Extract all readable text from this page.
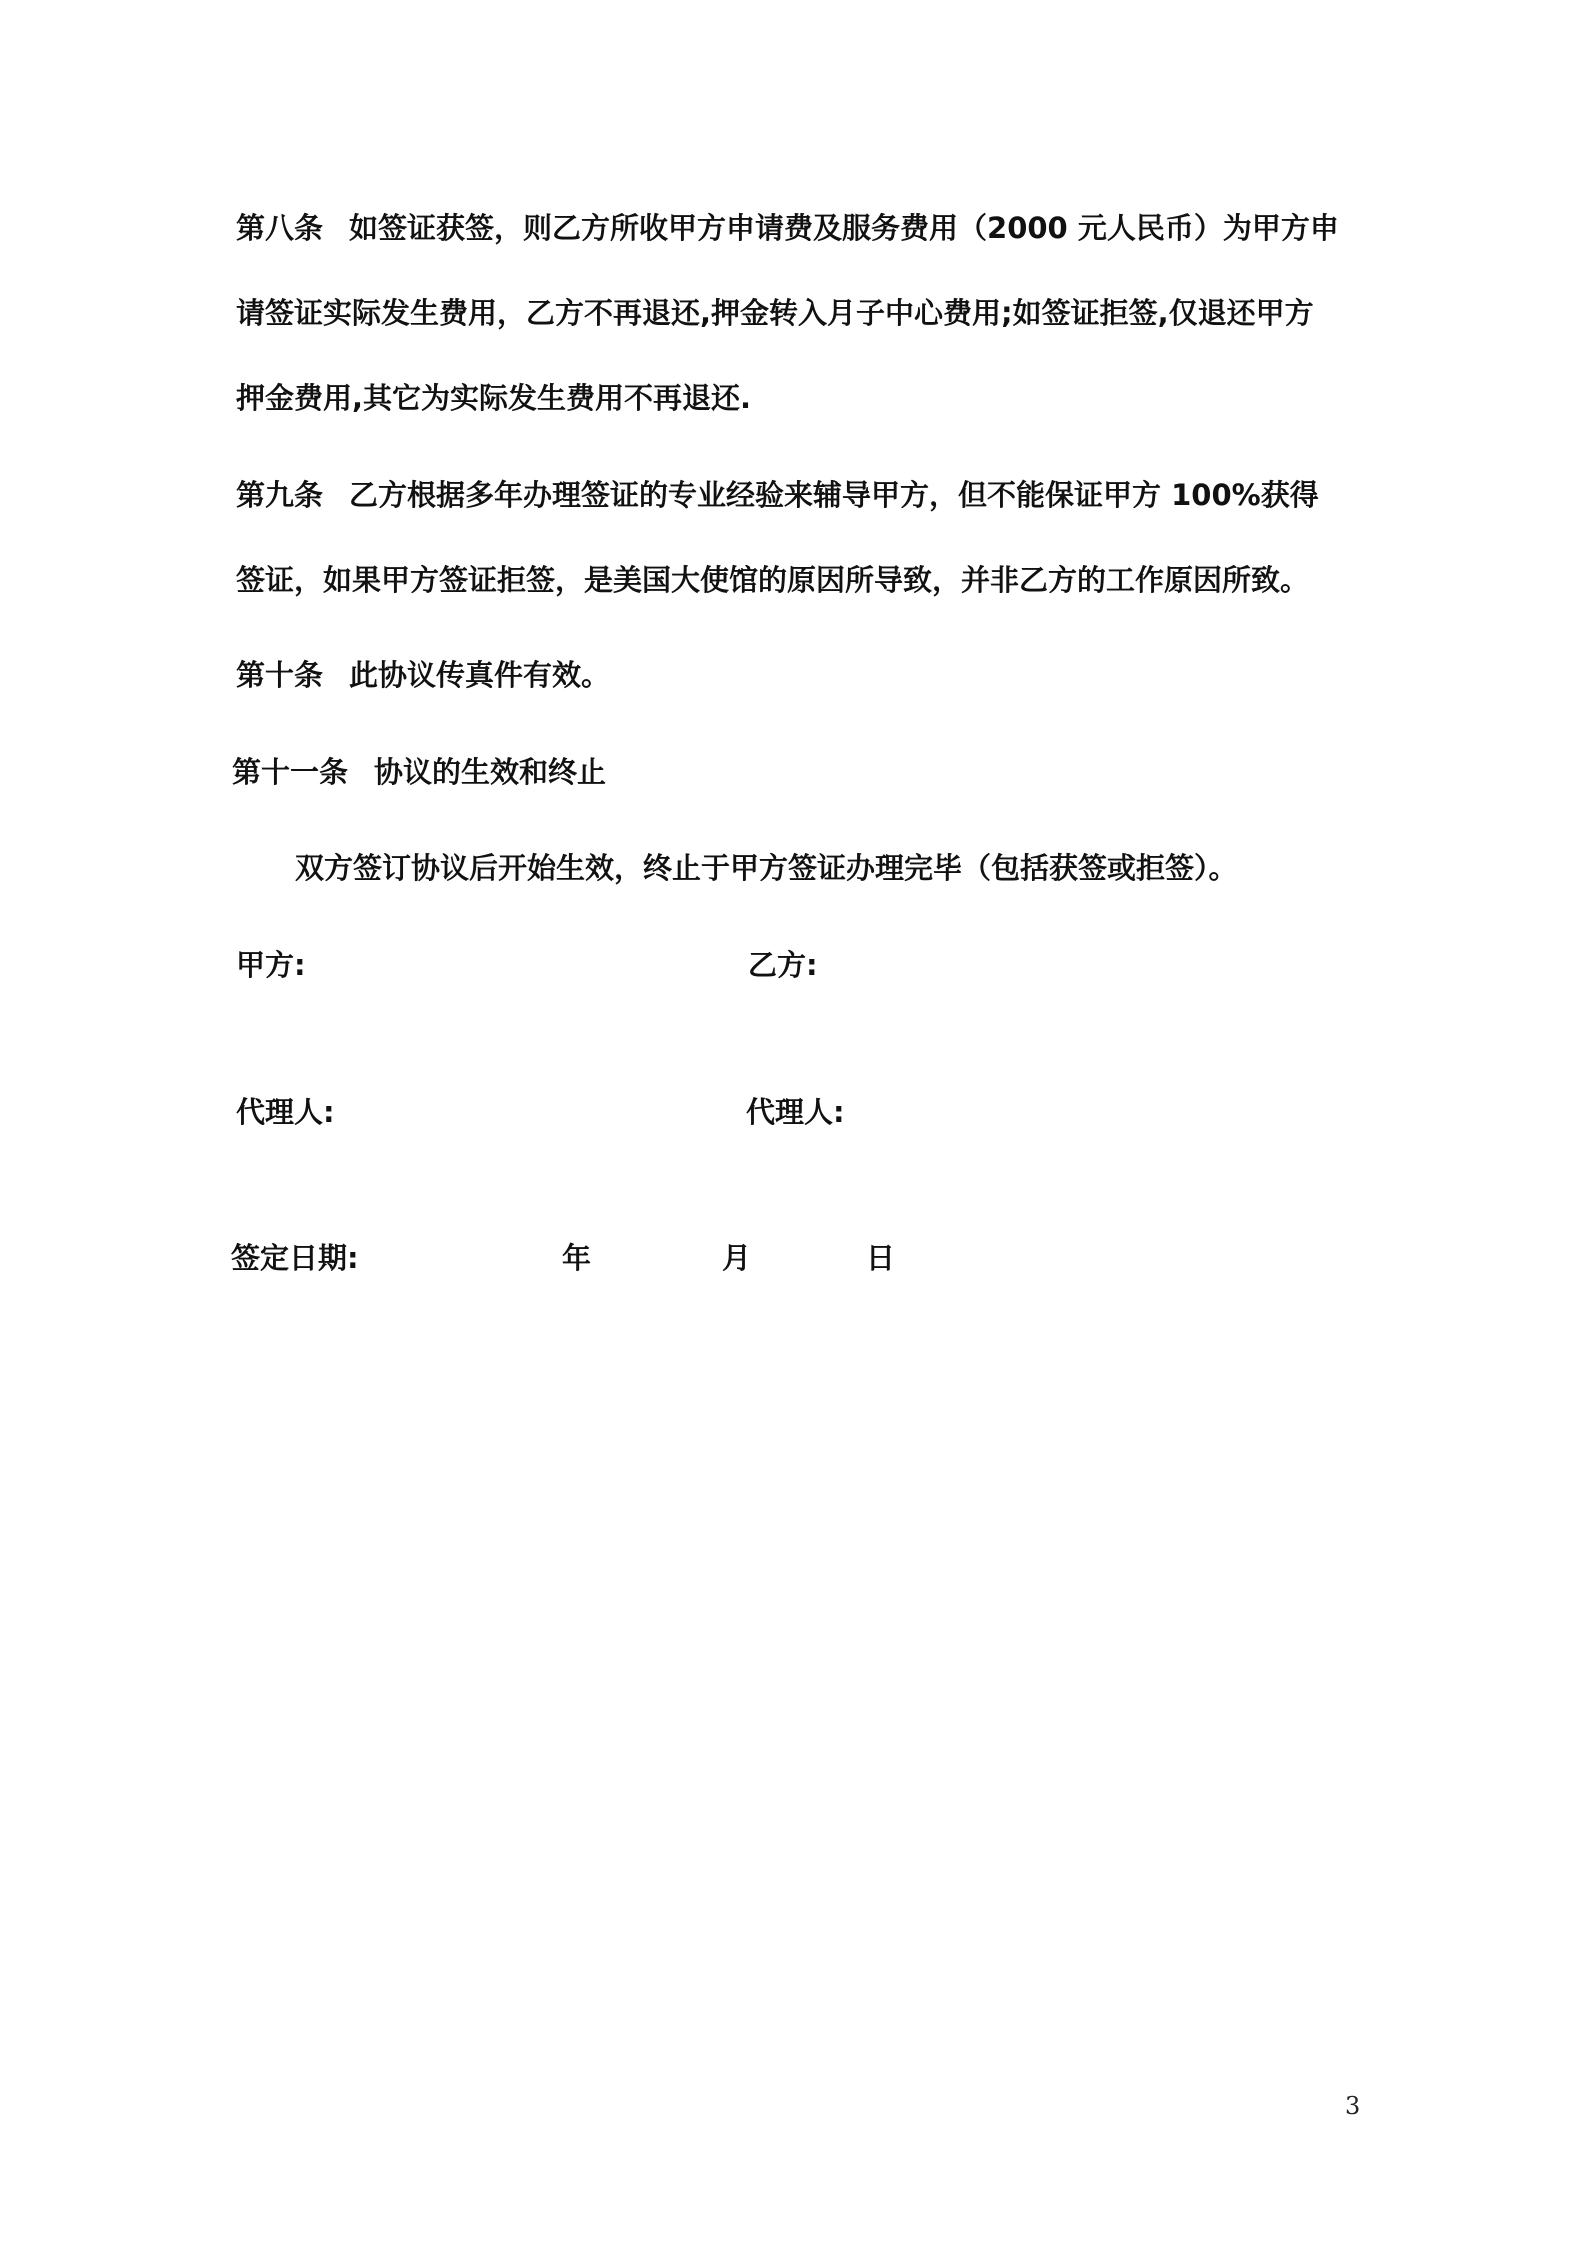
第八条 如签证获签，则乙方所收甲方申请费及服务费用（2000 元人民币）为甲方申
请签证实际发生费用，乙方不再退还,押金转入月子中心费用;如签证拒签,仅退还甲方
押金费用,其它为实际发生费用不再退还.
第九条 乙方根据多年办理签证的专业经验来辅导甲方，但不能保证甲方 100%获得
签证，如果甲方签证拒签，是美国大使馆的原因所导致，并非乙方的工作原因所致。
第十条 此协议传真件有效。
第十一条 协议的生效和终止
双方签订协议后开始生效，终止于甲方签证办理完毕（包括获签或拒签）。
甲方:	乙方:
代理人:	代理人:
签定日期:	年	月	日
3
